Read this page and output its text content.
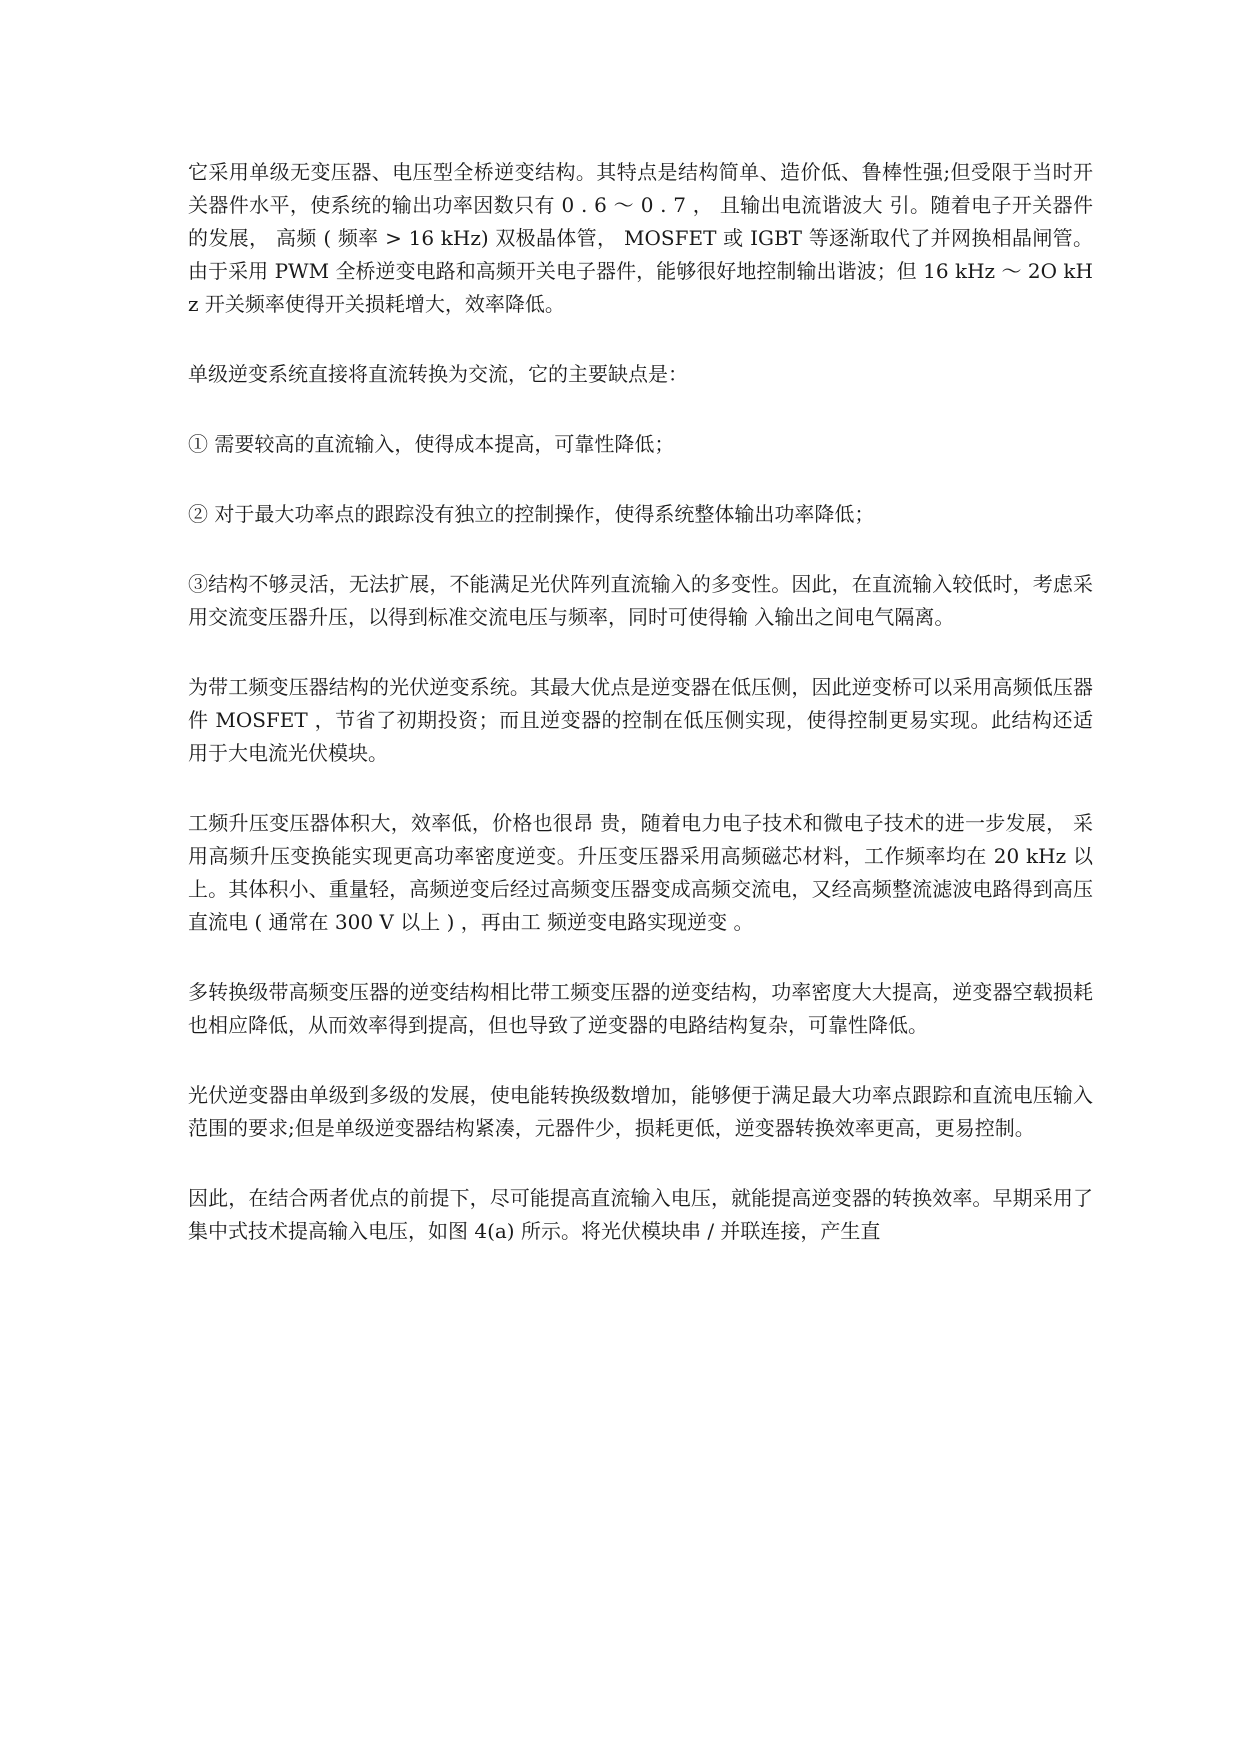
它采用单级无变压器、电压型全桥逆变结构。其特点是结构简单、造价低、鲁棒性强;但受限于当时开关器件水平，使系统的输出功率因数只有 0 . 6 ～ 0 . 7 ， 且输出电流谐波大 引。随着电子开关器件的发展， 高频 ( 频率 > 16 kHz) 双极晶体管， MOSFET 或 IGBT 等逐渐取代了并网换相晶闸管。由于采用 PWM 全桥逆变电路和高频开关电子器件，能够很好地控制输出谐波；但 16 kHz ～ 2O kHz 开关频率使得开关损耗增大，效率降低。

单级逆变系统直接将直流转换为交流，它的主要缺点是：

① 需要较高的直流输入，使得成本提高，可靠性降低；

② 对于最大功率点的跟踪没有独立的控制操作，使得系统整体输出功率降低；

③结构不够灵活，无法扩展，不能满足光伏阵列直流输入的多变性。因此，在直流输入较低时，考虑采用交流变压器升压，以得到标准交流电压与频率，同时可使得输 入输出之间电气隔离。

为带工频变压器结构的光伏逆变系统。其最大优点是逆变器在低压侧，因此逆变桥可以采用高频低压器件 MOSFET ，节省了初期投资；而且逆变器的控制在低压侧实现，使得控制更易实现。此结构还适用于大电流光伏模块。

工频升压变压器体积大，效率低，价格也很昂 贵，随着电力电子技术和微电子技术的进一步发展， 采用高频升压变换能实现更高功率密度逆变。升压变压器采用高频磁芯材料，工作频率均在 20 kHz 以上。其体积小、重量轻，高频逆变后经过高频变压器变成高频交流电，又经高频整流滤波电路得到高压直流电 ( 通常在 300 V 以上 ) ，再由工 频逆变电路实现逆变 。

多转换级带高频变压器的逆变结构相比带工频变压器的逆变结构，功率密度大大提高，逆变器空载损耗也相应降低，从而效率得到提高，但也导致了逆变器的电路结构复杂，可靠性降低。

光伏逆变器由单级到多级的发展，使电能转换级数增加，能够便于满足最大功率点跟踪和直流电压输入范围的要求;但是单级逆变器结构紧凑，元器件少，损耗更低，逆变器转换效率更高，更易控制。

因此，在结合两者优点的前提下，尽可能提高直流输入电压，就能提高逆变器的转换效率。早期采用了集中式技术提高输入电压，如图 4(a) 所示。将光伏模块串 / 并联连接，产生直
